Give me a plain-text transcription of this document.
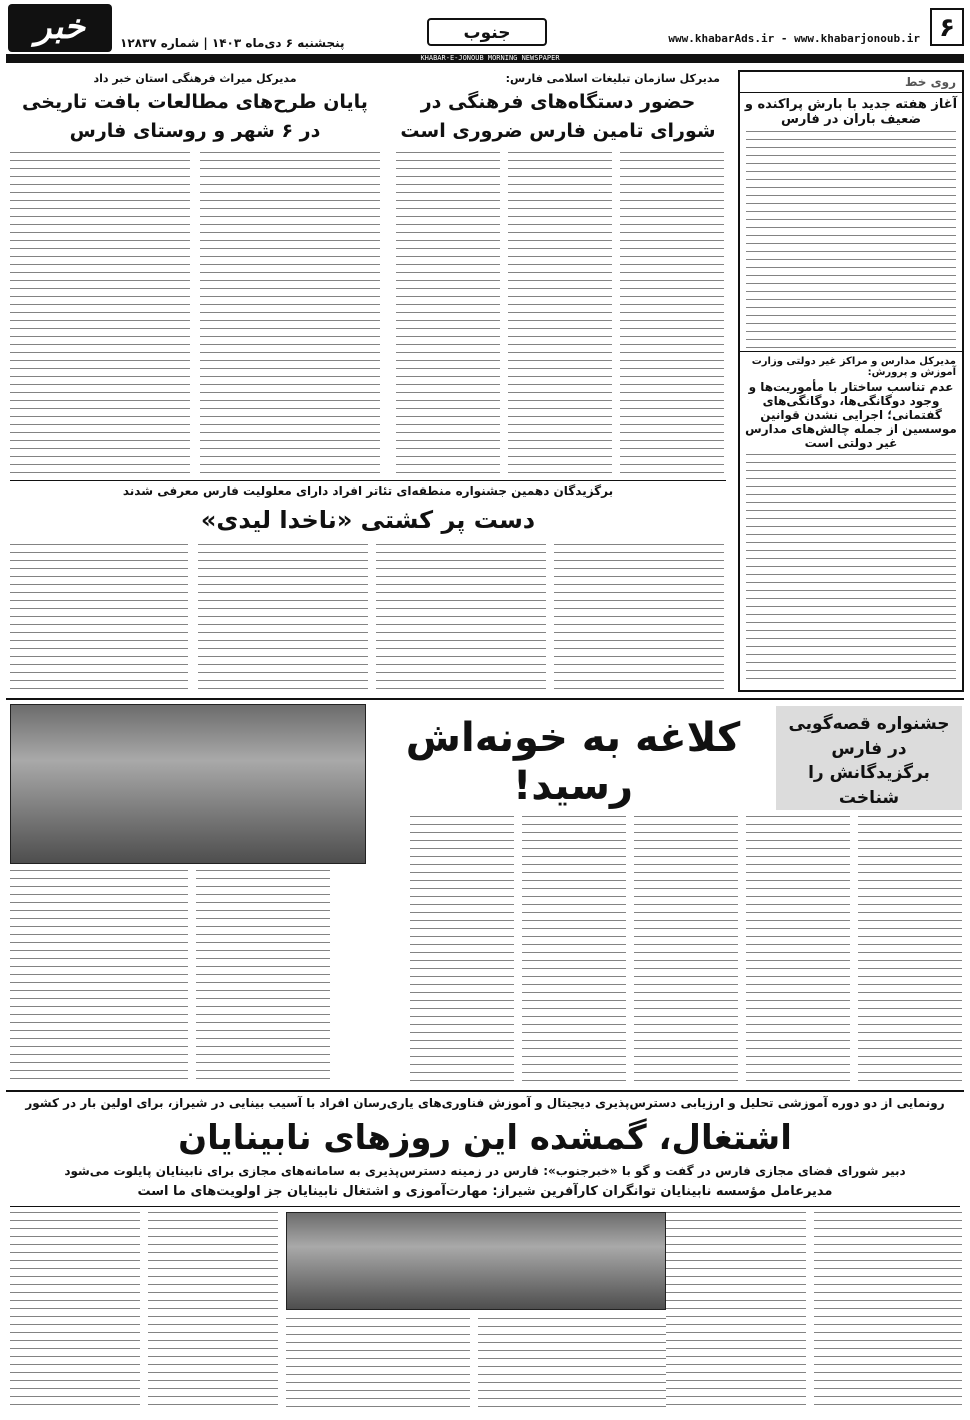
۶
www.khabarAds.ir - www.khabarjonoub.ir
جنوب
پنجشنبه ۶ دی‌ماه ۱۴۰۳ | شماره ۱۲۸۳۷
خبر
KHABAR-E-JONOUB MORNING NEWSPAPER
روی خط
آغاز هفته جدید با بارش پراکنده و ضعیف باران در فارس
مدیرکل مدارس و مراکز غیر دولتی وزارت آموزش و پرورش:
عدم تناسب ساختار با مأموریت‌ها و وجود دوگانگی‌ها، دوگانگی‌های گفتمانی؛ اجرایی نشدن قوانین موسسین از جمله چالش‌های مدارس غیر دولتی است
مدیرکل سازمان تبلیغات اسلامی فارس:
حضور دستگاه‌های فرهنگی در شورای تامین فارس ضروری است
مدیرکل میراث فرهنگی استان خبر داد
پایان طرح‌های مطالعات بافت تاریخی در ۶ شهر و روستای فارس
برگزیدگان دهمین جشنواره منطقه‌ای تئاتر افراد دارای معلولیت فارس معرفی شدند
دست پر کشتی «ناخدا لیدی»
کلاغه به خونه‌اش رسید!
جشنواره قصه‌گویی در فارس برگزیدگانش را شناخت
رونمایی از دو دوره آموزشی تحلیل و ارزیابی دسترس‌پذیری دیجیتال و آموزش فناوری‌های یاری‌رسان افراد با آسیب بینایی در شیراز، برای اولین بار در کشور
اشتغال، گمشده این روزهای نابینایان
دبیر شورای فضای مجازی فارس در گفت و گو با «خبرجنوب»: فارس در زمینه دسترس‌پذیری به سامانه‌های مجازی برای نابینایان پایلوت می‌شود
مدیرعامل مؤسسه نابینایان توانگران کارآفرین شیراز: مهارت‌آموزی و اشتغال نابینایان جز اولویت‌های ما است
